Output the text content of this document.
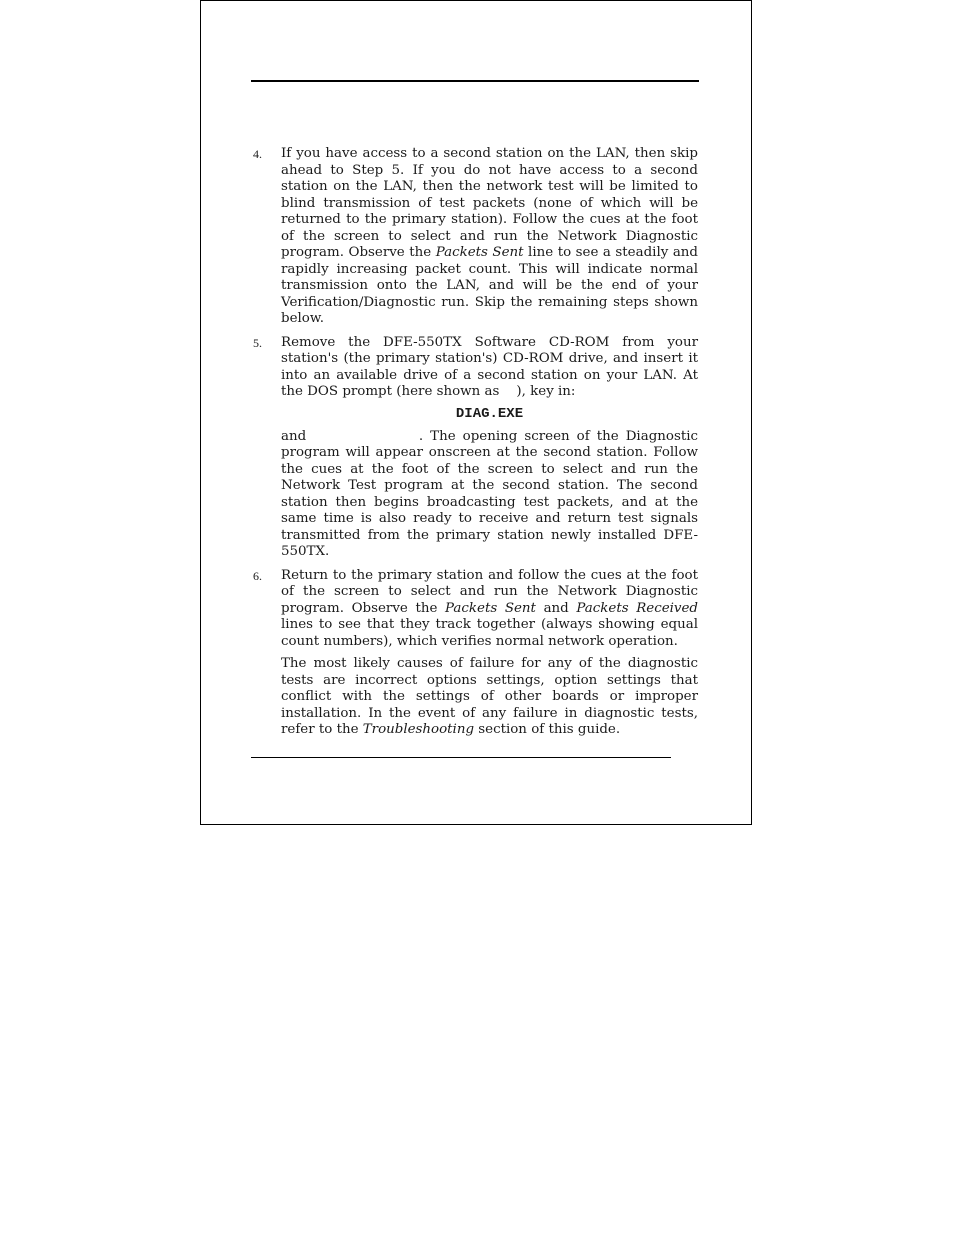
4. If you have access to a second station on the LAN, then skip ahead to Step 5. If you do not have access to a second station on the LAN, then the network test will be limited to blind transmission of test packets (none of which will be returned to the primary station). Follow the cues at the foot of the screen to select and run the Network Diagnostic program. Observe the Packets Sent line to see a steadily and rapidly increasing packet count. This will indicate normal transmission onto the LAN, and will be the end of your Verification/Diagnostic run. Skip the remaining steps shown below.

5. Remove the DFE-550TX Software CD-ROM from your station's (the primary station's) CD-ROM drive, and insert it into an available drive of a second station on your LAN. At the DOS prompt (here shown as    ), key in:

DIAG.EXE

and	. The opening screen of the Diagnostic program will appear onscreen at the second station. Follow the cues at the foot of the screen to select and run the Network Test program at the second station. The second station then begins broadcasting test packets, and at the same time is also ready to receive and return test signals transmitted from the primary station newly installed DFE-550TX.

6. Return to the primary station and follow the cues at the foot of the screen to select and run the Network Diagnostic program. Observe the Packets Sent and Packets Received lines to see that they track together (always showing equal count numbers), which verifies normal network operation.

The most likely causes of failure for any of the diagnostic tests are incorrect options settings, option settings that conflict with the settings of other boards or improper installation. In the event of any failure in diagnostic tests, refer to the Troubleshooting section of this guide.
